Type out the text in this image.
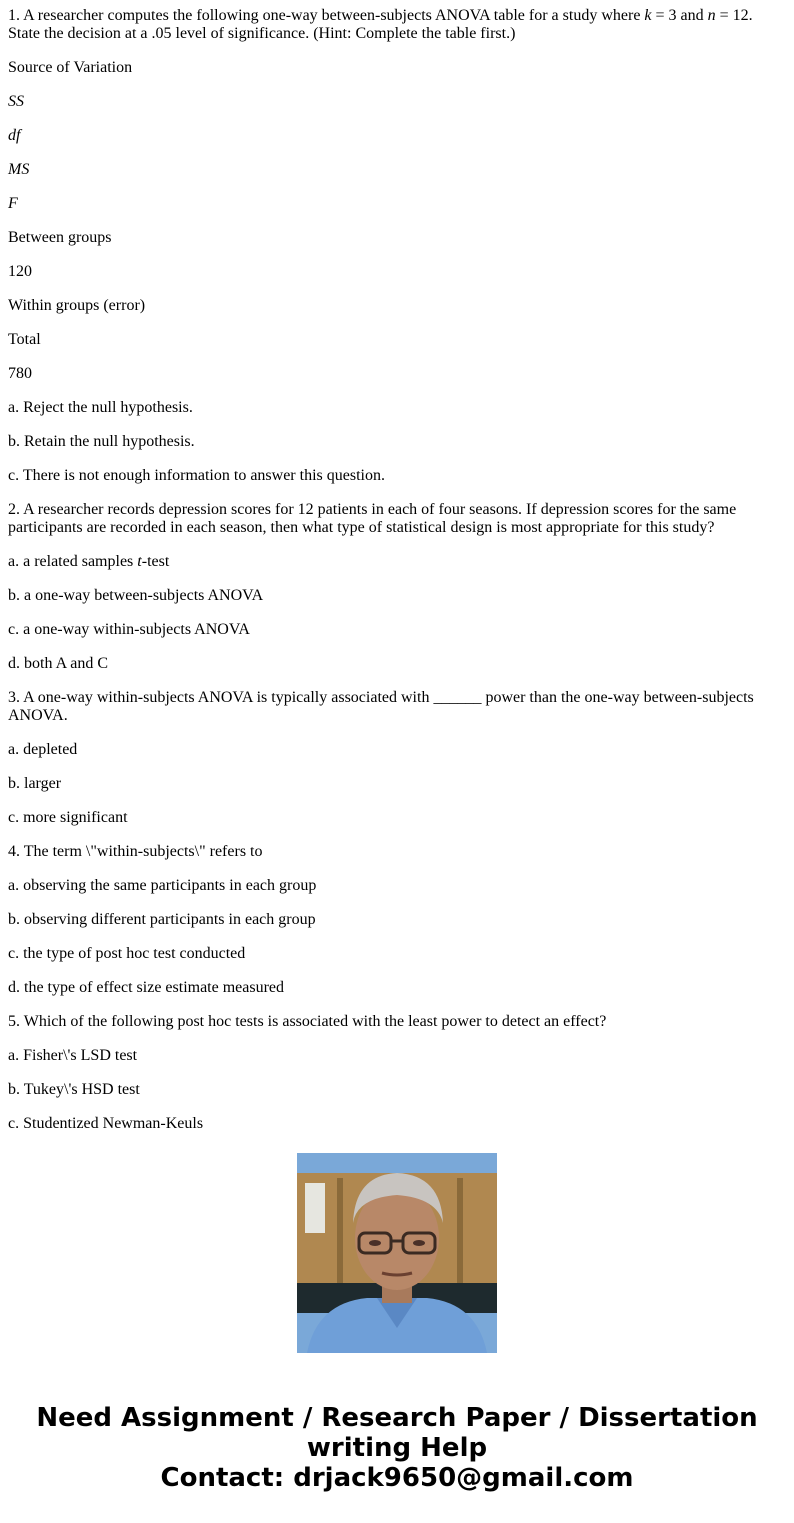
1. A researcher computes the following one-way between-subjects ANOVA table for a study where k = 3 and n = 12. State the decision at a .05 level of significance. (Hint: Complete the table first.)

Source of Variation

SS

df

MS

F

Between groups

120

Within groups (error)

Total

780

a. Reject the null hypothesis.

b. Retain the null hypothesis.

c. There is not enough information to answer this question.

2. A researcher records depression scores for 12 patients in each of four seasons. If depression scores for the same participants are recorded in each season, then what type of statistical design is most appropriate for this study?

a. a related samples t-test

b. a one-way between-subjects ANOVA

c. a one-way within-subjects ANOVA

d. both A and C

3. A one-way within-subjects ANOVA is typically associated with ______ power than the one-way between-subjects ANOVA.

a. depleted

b. larger

c. more significant

4. The term \"within-subjects\" refers to

a. observing the same participants in each group

b. observing different participants in each group

c. the type of post hoc test conducted

d. the type of effect size estimate measured

5. Which of the following post hoc tests is associated with the least power to detect an effect?

a. Fisher\'s LSD test

b. Tukey\'s HSD test

c. Studentized Newman-Keuls

Need Assignment / Research Paper / Dissertation
writing Help
Contact: drjack9650@gmail.com
